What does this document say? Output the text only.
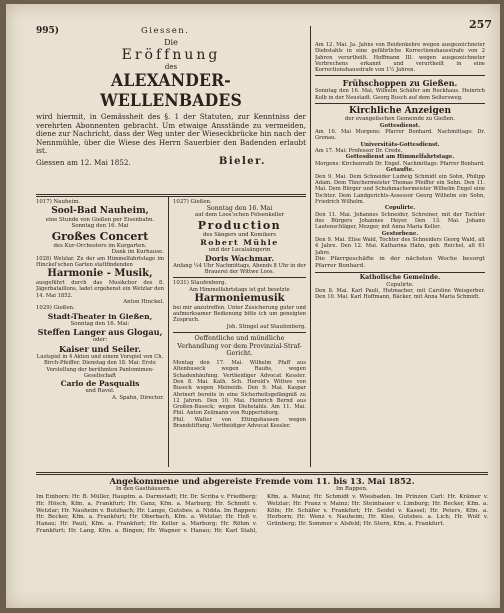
257
995)	Giessen.
Die
Eröffnung
des
ALEXANDER-WELLENBADES

wird hiermit, in Gemässheit des §. 1 der Statuten, zur Kenntniss der verehrten Abonnenten gebracht. Um etwaige Ansstände zu vermeiden, diene zur Nachricht, dass der Weg unter der Wieseckbrücke hin nach der Nennmühle, über die Wiese des Herrn Sauerbier den Badenden erlaubt ist.

Giessen am 12. Mai 1852.	Bieler.
1017) Nauheim.
Sool-Bad Nauheim,
eine Stunde von Gießen per Eisenbahn.
Sonntag den 16. Mai
Großes Concert
des Kur-Orchesters im Kurgarten.
Dank im Kurhause.

1028) Wetzlar. Zu der am Himmelfahrtstage im Hinckel'schen Garten stattfindenden

Harmonie - Musik,

ausgeführt durch das Musikchor des 8. Jägerbataillons, ladet ergebenst ein Wetzlar den 14. Mai 1852.

Anton Hinckel.
1029) Gießen.
Stadt-Theater in Gießen,
Sonntag den 16. Mai:
Steffen Langer aus Glogau,
oder:
Kaiser und Seiler.

Lustspiel in 4 Akten und einem Vorspiel von Ch. Birch-Pfeiffer. Dienstag den 18. Mai: Erste Vorstellung der berühmten Pantomimen-Gesellschaft

Carlo de Pasqualis
und Ravel.
A. Spahn, Director.
1027) Gießen.
Sonntag den 16. Mai
auf dem Loos'schen Felsenkeller
Production
des Sängers und Komikers
Robert Mühle
und der Localsängerin
Doris Wachmar.

Anfang ¼4 Uhr Nachmittags, Abends 8 Uhr in der Brauerei der Wittwe Loos.

1031) Staufenberg.

Am Himmelfahrtstage ist gut besetzte

Harmoniemusik

bei mir anzutreffen. Unter Zusicherung guter und aufmerksamer Bedienung bitte ich um geneigten Zuspruch.

Joh. Stingel auf Staufenberg.
Oeffentliche und mündliche Verhandlung vor dem Provinzial-Straf-Gericht.

Montag den 17. Mai. Wilhelm Pfaff aus Altenbuseck wegen Raubs, wegen Schadenhäufung. Vertheidiger Advocat Kessler. Den 8. Mai. Kath. Sch. Herold's Wittwe von Buseck wegen Meineids. Den 9. Mai. Kaspar Ahrinert bereits in eine Sicherheitsgefängniß zu 12 Jahren. Den 10. Mai. Heinrich Bernd aus Großen-Buseck; wegen Diebstahls. Am 11. Mai. Phil. Anton Zeilmann von Ruppertsburg.

Phil. Walter von Ettingshausen wegen Brandstiftung. Vertheidiger Advocat Kessler.

Am 12. Mai. Ja. Jahns von Beidenkehre wegen ausgezeichneter Diebstahls in eine gefährliche Korrectionshausstrafe von 2 Jahren verurtheilt. Hoffmann III. wegen ausgezeichneter Verbrechens erkannt und verurtheilt in eine Korrectionshausstrafe von 1½ Jahren.

Frühschoppen zu Gießen.

Sonntag den 16. Mai, Wilhelm Schäfer am Rockhaus. Heinrich Kolb in der Neustadt. Georg Busch auf dem Seltersweg.

Kirchliche Anzeigen
der evangelischen Gemeinde zu Gießen.
Gottesdienst.

Am 16. Mai Morgens: Pfarrer Bonhard. Nachmittags: Dr. Gronau.

Universitäts-Gottesdienst.

Am 17. Mai: Professor Dr. Crede.

Gottesdienst am Himmelfahrtstage.

Morgens: Kirchenrath Dr. Engel. Nachmittags: Pfarrer Bonhard.

Getaufte.

Den 9. Mai. Dem Schneider Ludwig Schmidt ein Sohn, Philipp Adam. Dem Tünchermeister Thomas Pfeiffer ein Sohn. Den 11. Mai. Dem Bürger und Schuhmachermeister Wilhelm Engel eine Tochter. Dem Landgerichts-Assessor Georg Wilhelm ein Sohn, Friedrich Wilhelm.

Copulirte.

Den 11. Mai. Johannes Schneider, Schreiner, mit der Tochter des Bürgers Johannes Heyer. Den 13. Mai. Johann Lautenschläger, Mezger, mit Anna Maria Keller.

Gestorbene.

Den 9. Mai. Elise Wald, Tochter des Schneiders Georg Wald, alt 4 Jahre. Den 12. Mai. Katharina Hahn, geb. Reichel, alt 61 Jahre.

Die Pfarrgeschäfte in der nächsten Woche besorgt Pfarrer Bonhard.

Katholische Gemeinde.
Copulirte.

Den 8. Mai. Karl Pauli, Hutmacher, mit Caroline Weisgerber. Den 10. Mai. Karl Hoffmann, Bäcker, mit Anna Maria Schmidt.

Angekommene und abgereiste Fremde vom 11. bis 13. Mai 1852.
In den Gasthäusern.	Im Rappen.

Im Einhorn: Hr. B. Müller, Hauptm. a. Darmstadt; Hr. Dr. Scriba v. Friedberg; Hr. Hösch, Kfm. a. Frankfurt; Hr. Ganz, Kfm. a. Marburg; Hr. Schmitt v. Wetzlar; Hr. Nauheim v. Butzbach; Hr. Lange, Gutsbes. a. Nidda. Im Rappen: Hr. Becker, Kfm. a. Frankfurt; Hr. Oberbach, Kfm. a. Wetzlar; Hr. Heß v. Hanau; Hr. Pauli, Kfm. a. Frankfurt; Hr. Keller a. Marburg; Hr. Röhm v. Frankfurt; Hr. Lang, Kfm. a. Bingen; Hr. Wagner v. Hanau; Hr. Karl Stahl, Kfm. a. Mainz; Hr. Schmidt v. Wiesbaden. Im Prinzen Carl: Hr. Krämer v. Wetzlar; Hr. Franz v. Mainz; Hr. Steinhauer v. Limburg; Hr. Becker, Kfm. a. Köln; Hr. Schäfer v. Frankfurt; Hr. Seidel v. Kassel; Hr. Peters, Kfm. a. Herborn; Hr. Wenz v. Nauheim; Hr. Klee, Gutsbes. a. Lich; Hr. Wolf v. Grünberg; Hr. Sommer v. Alsfeld; Hr. Stern, Kfm. a. Frankfurt.
